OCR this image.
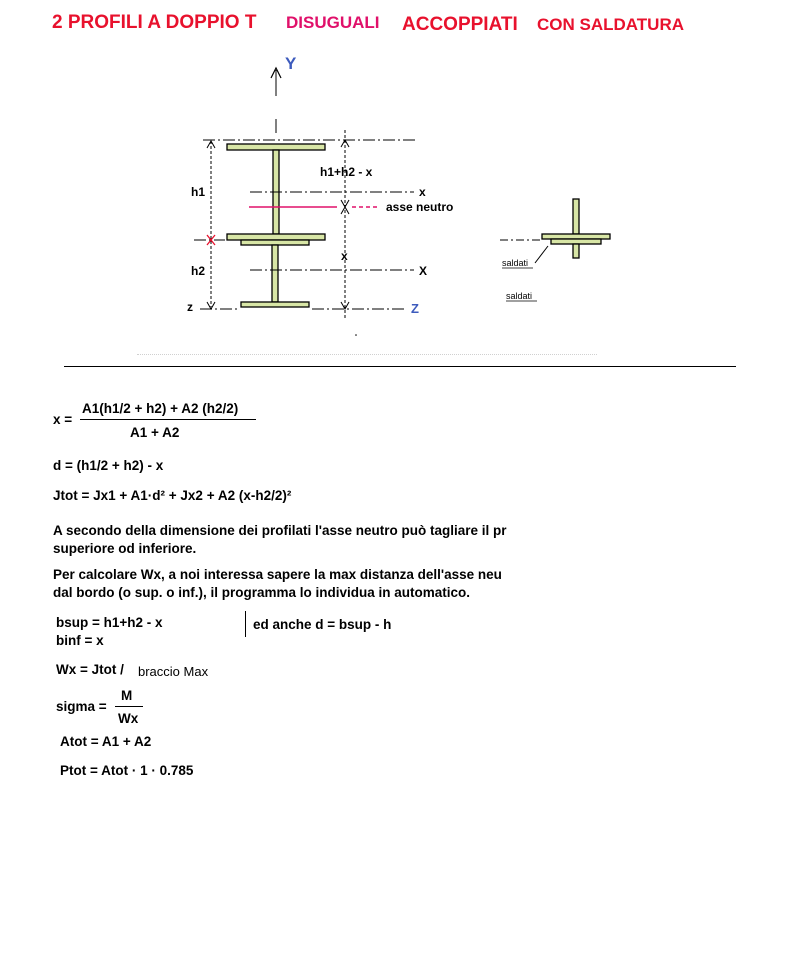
2 PROFILI A DOPPIO T DISUGUALI ACCOPPIATI CON SALDATURA
Y
h1
h2
z
h1+h2 - x
x
asse neutro
x
X
Z
saldati
saldati
x =
A1(h1/2 + h2) + A2 (h2/2)
A1 + A2
d = (h1/2 + h2) - x
Jtot = Jx1 + A1·d² + Jx2 + A2 (x-h2/2)²
A secondo della dimensione dei profilati l'asse neutro può tagliare il pr
superiore od inferiore.
Per calcolare Wx, a noi interessa sapere la max distanza dell'asse neu
dal bordo (o sup. o inf.), il programma lo individua in automatico.
bsup = h1+h2 - x
binf = x
ed anche d = bsup - h
Wx = Jtot / braccio Max
sigma =
M
Wx
Atot = A1 + A2
Ptot = Atot · 1 · 0.785
